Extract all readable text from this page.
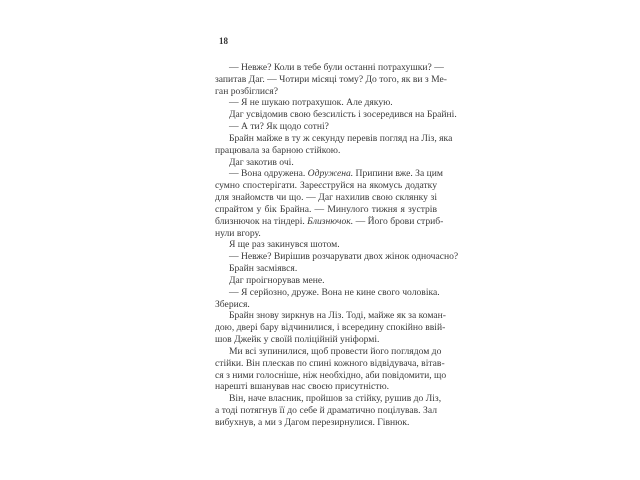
18
— Невже? Коли в тебе були останні потрахушки? —
запитав Даг. — Чотири місяці тому? До того, як ви з Ме-
ган розбіглися?
— Я не шукаю потрахушок. Але дякую.
Даг усвідомив свою безсилість і зосередився на Брайні.
— А ти? Як щодо сотні?
Брайн майже в ту ж секунду перевів погляд на Ліз, яка
працювала за барною стійкою.
Даг закотив очі.
— Вона одружена. Одружена. Припини вже. За цим
сумно спостерігати. Зареєструйся на якомусь додатку
для знайомств чи що. — Даг нахилив свою склянку зі
спрайтом у бік Брайна. — Минулого тижня я зустрів
близнючок на тіндері. Близнючок. — Його брови стриб-
нули вгору.
Я ще раз закинувся шотом.
— Невже? Вирішив розчарувати двох жінок одночасно?
Брайн засміявся.
Даг проігнорував мене.
— Я серйозно, друже. Вона не кине свого чоловіка.
Зберися.
Брайн знову зиркнув на Ліз. Тоді, майже як за коман-
дою, двері бару відчинилися, і всередину спокійно ввій-
шов Джейк у своїй поліційній уніформі.
Ми всі зупинилися, щоб провести його поглядом до
стійки. Він плескав по спині кожного відвідувача, вітав-
ся з ними голосніше, ніж необхідно, аби повідомити, що
нарешті вшанував нас своєю присутністю.
Він, наче власник, пройшов за стійку, рушив до Ліз,
а тоді потягнув її до себе й драматично поцілував. Зал
вибухнув, а ми з Дагом перезирнулися. Гівнюк.
